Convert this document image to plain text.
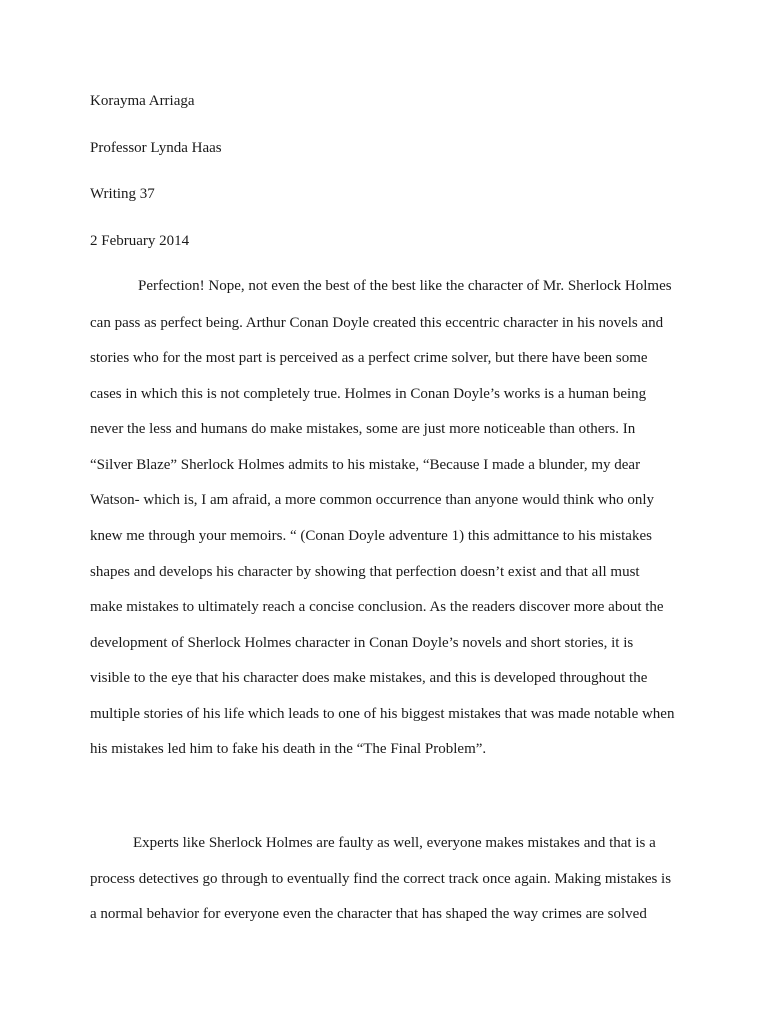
Korayma Arriaga
Professor Lynda Haas
Writing 37
2 February 2014
Perfection! Nope, not even the best of the best like the character of Mr. Sherlock Holmes
can pass as perfect being. Arthur Conan Doyle created this eccentric character in his novels and
stories who for the most part is perceived as a perfect crime solver, but there have been some
cases in which this is not completely true. Holmes in Conan Doyle’s works is a human being
never the less and humans do make mistakes, some are just more noticeable than others. In
“Silver Blaze” Sherlock Holmes admits to his mistake, “Because I made a blunder, my dear
Watson- which is, I am afraid, a more common occurrence than anyone would think who only
knew me through your memoirs. “ (Conan Doyle adventure 1) this admittance to his mistakes
shapes and develops his character by showing that perfection doesn’t exist and that all must
make mistakes to ultimately reach a concise conclusion. As the readers discover more about the
development of Sherlock Holmes character in Conan Doyle’s novels and short stories, it is
visible to the eye that his character does make mistakes, and this is developed throughout the
multiple stories of his life which leads to one of his biggest mistakes that was made notable when
his mistakes led him to fake his death in the “The Final Problem”.
Experts like Sherlock Holmes are faulty as well, everyone makes mistakes and that is a
process detectives go through to eventually find the correct track once again. Making mistakes is
a normal behavior for everyone even the character that has shaped the way crimes are solved
